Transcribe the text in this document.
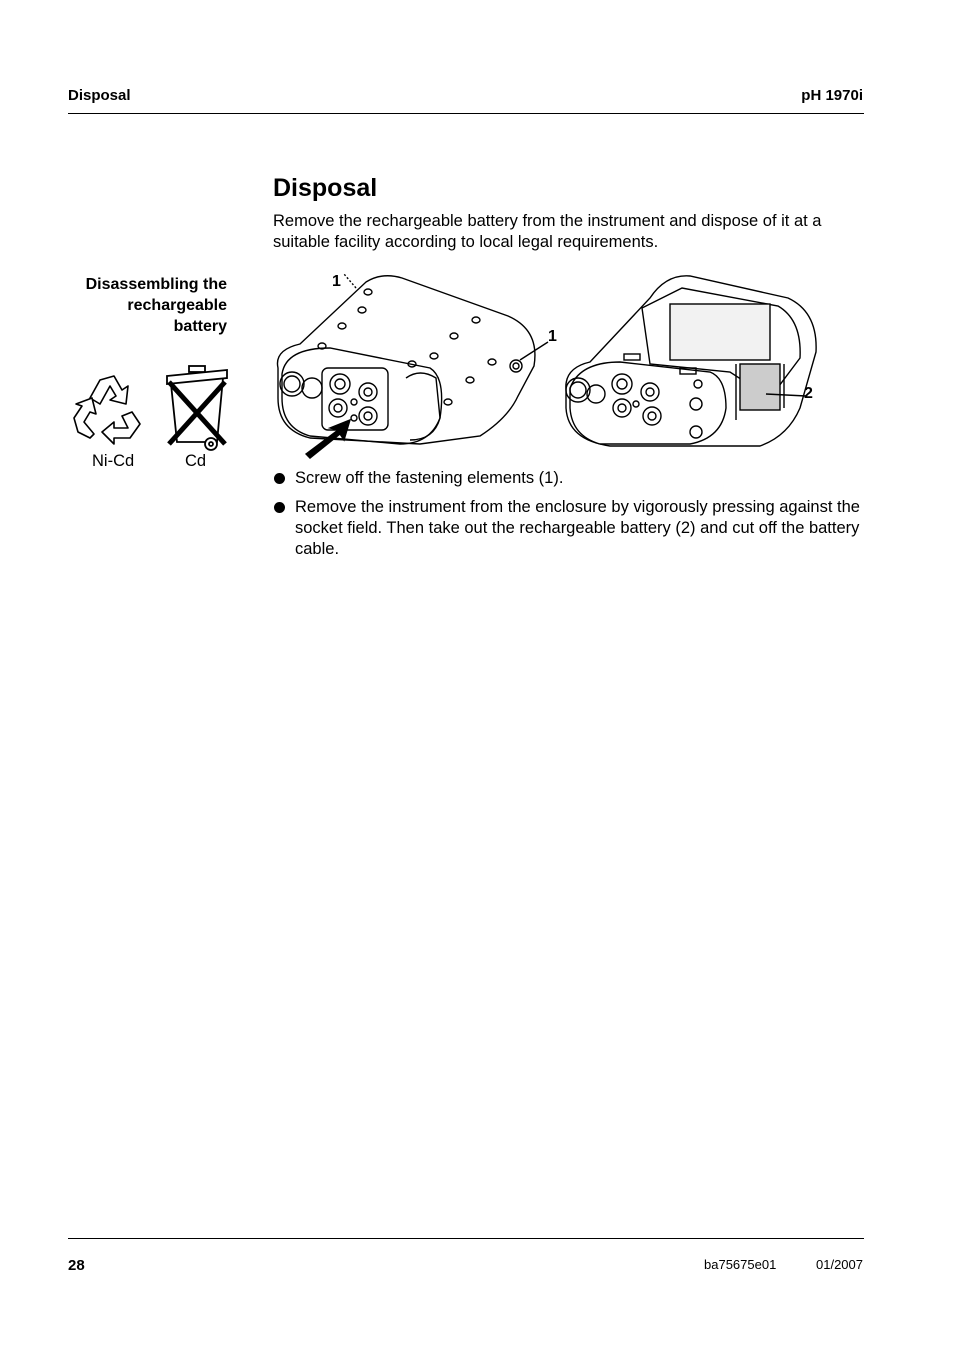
Disposal	pH 1970i
Disposal

Remove the rechargeable battery from the instrument and dispose of it at a suitable facility according to local legal requirements.

Disassembling the
rechargeable
battery
Ni-Cd	Cd
1
1
2
Screw off the fastening elements (1).
Remove the instrument from the enclosure by vigorously pressing against the socket field. Then take out the rechargeable battery (2) and cut off the battery cable.
28	ba75675e01	01/2007
